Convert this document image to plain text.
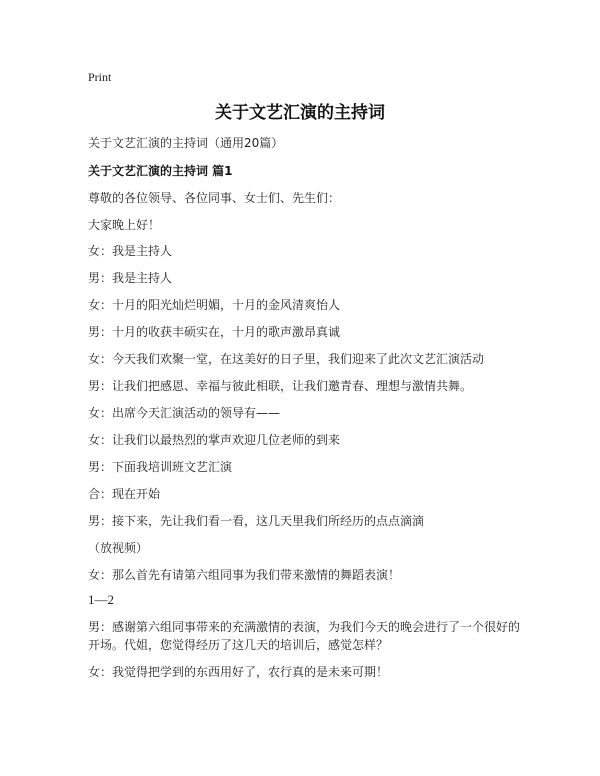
Print
关于文艺汇演的主持词
关于文艺汇演的主持词（通用20篇）
关于文艺汇演的主持词 篇1
尊敬的各位领导、各位同事、女士们、先生们：
大家晚上好！
女：我是主持人
男：我是主持人
女：十月的阳光灿烂明媚，十月的金风清爽怡人
男：十月的收获丰硕实在，十月的歌声激昂真诚
女：今天我们欢聚一堂，在这美好的日子里，我们迎来了此次文艺汇演活动
男：让我们把感恩、幸福与彼此相联，让我们邀青春、理想与激情共舞。
女：出席今天汇演活动的领导有——
女：让我们以最热烈的掌声欢迎几位老师的到来
男：下面我培训班文艺汇演
合：现在开始
男：接下来，先让我们看一看，这几天里我们所经历的点点滴滴
（放视频）
女：那么首先有请第六组同事为我们带来激情的舞蹈表演！
1—2
男：感谢第六组同事带来的充满激情的表演，为我们今天的晚会进行了一个很好的
开场。代姐，您觉得经历了这几天的培训后，感觉怎样？
女：我觉得把学到的东西用好了，农行真的是未来可期！
